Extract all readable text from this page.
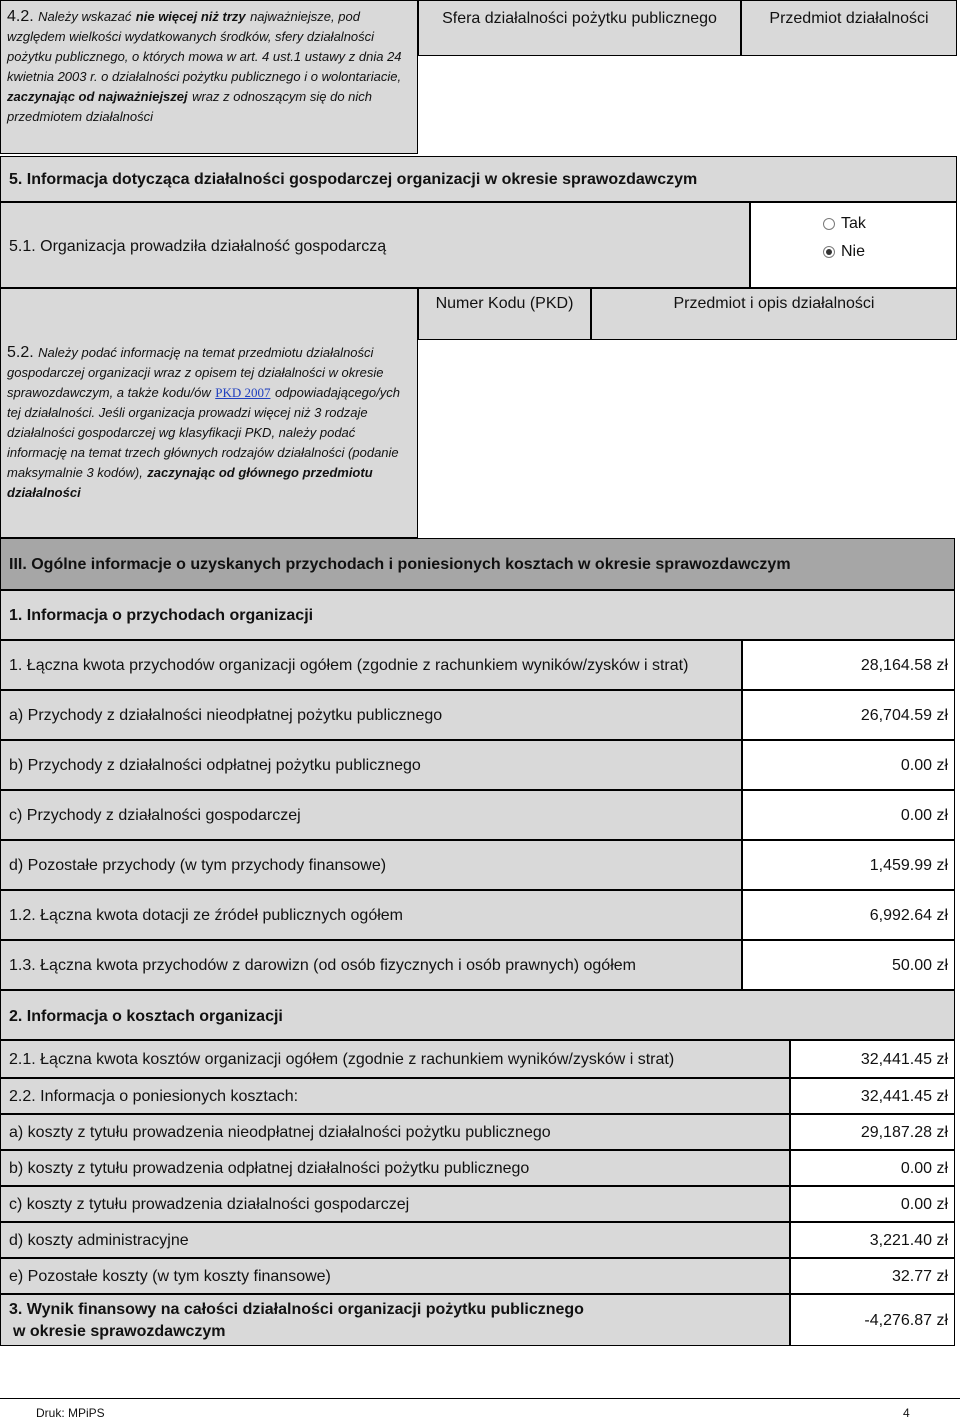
4.2. Należy wskazać nie więcej niż trzy najważniejsze, pod względem wielkości wydatkowanych środków, sfery działalności pożytku publicznego, o których mowa w art. 4 ust.1 ustawy z dnia 24 kwietnia 2003 r. o działalności pożytku publicznego i o wolontariacie, zaczynając od najważniejszej wraz z odnoszącym się do nich przedmiotem działalności
Sfera działalności pożytku publicznego	Przedmiot działalności
5. Informacja dotycząca działalności gospodarczej organizacji w okresie sprawozdawczym
5.1. Organizacja prowadziła działalność gospodarczą
Tak
Nie
5.2. Należy podać informację na temat przedmiotu działalności gospodarczej organizacji wraz z opisem tej działalności w okresie sprawozdawczym, a także kodu/ów PKD 2007 odpowiadającego/ych tej działalności. Jeśli organizacja prowadzi więcej niż 3 rodzaje działalności gospodarczej wg klasyfikacji PKD, należy podać informację na temat trzech głównych rodzajów działalności (podanie maksymalnie 3 kodów), zaczynając od głównego przedmiotu działalności
Numer Kodu (PKD)	Przedmiot i opis działalności
III. Ogólne informacje o uzyskanych przychodach i poniesionych kosztach w okresie sprawozdawczym
1. Informacja o przychodach organizacji
1. Łączna kwota przychodów organizacji ogółem (zgodnie z rachunkiem wyników/zysków i strat)	28,164.58 zł
a) Przychody z działalności nieodpłatnej pożytku publicznego	26,704.59 zł
b) Przychody z działalności odpłatnej pożytku publicznego	0.00 zł
c) Przychody z działalności gospodarczej	0.00 zł
d) Pozostałe przychody (w tym przychody finansowe)	1,459.99 zł
1.2. Łączna kwota dotacji ze źródeł publicznych ogółem	6,992.64 zł
1.3. Łączna kwota przychodów z darowizn (od osób fizycznych i osób prawnych) ogółem	50.00 zł
2. Informacja o kosztach organizacji
2.1. Łączna kwota kosztów organizacji ogółem (zgodnie z rachunkiem wyników/zysków i strat)	32,441.45 zł
2.2. Informacja o poniesionych kosztach:	32,441.45 zł
a) koszty z tytułu prowadzenia nieodpłatnej działalności pożytku publicznego	29,187.28 zł
b) koszty z tytułu prowadzenia odpłatnej działalności pożytku publicznego	0.00 zł
c) koszty z tytułu prowadzenia działalności gospodarczej	0.00 zł
d) koszty administracyjne	3,221.40 zł
e) Pozostałe koszty (w tym koszty finansowe)	32.77 zł
3. Wynik finansowy na całości działalności organizacji pożytku publicznego
w okresie sprawozdawczym
-4,276.87 zł
Druk: MPiPS	4
